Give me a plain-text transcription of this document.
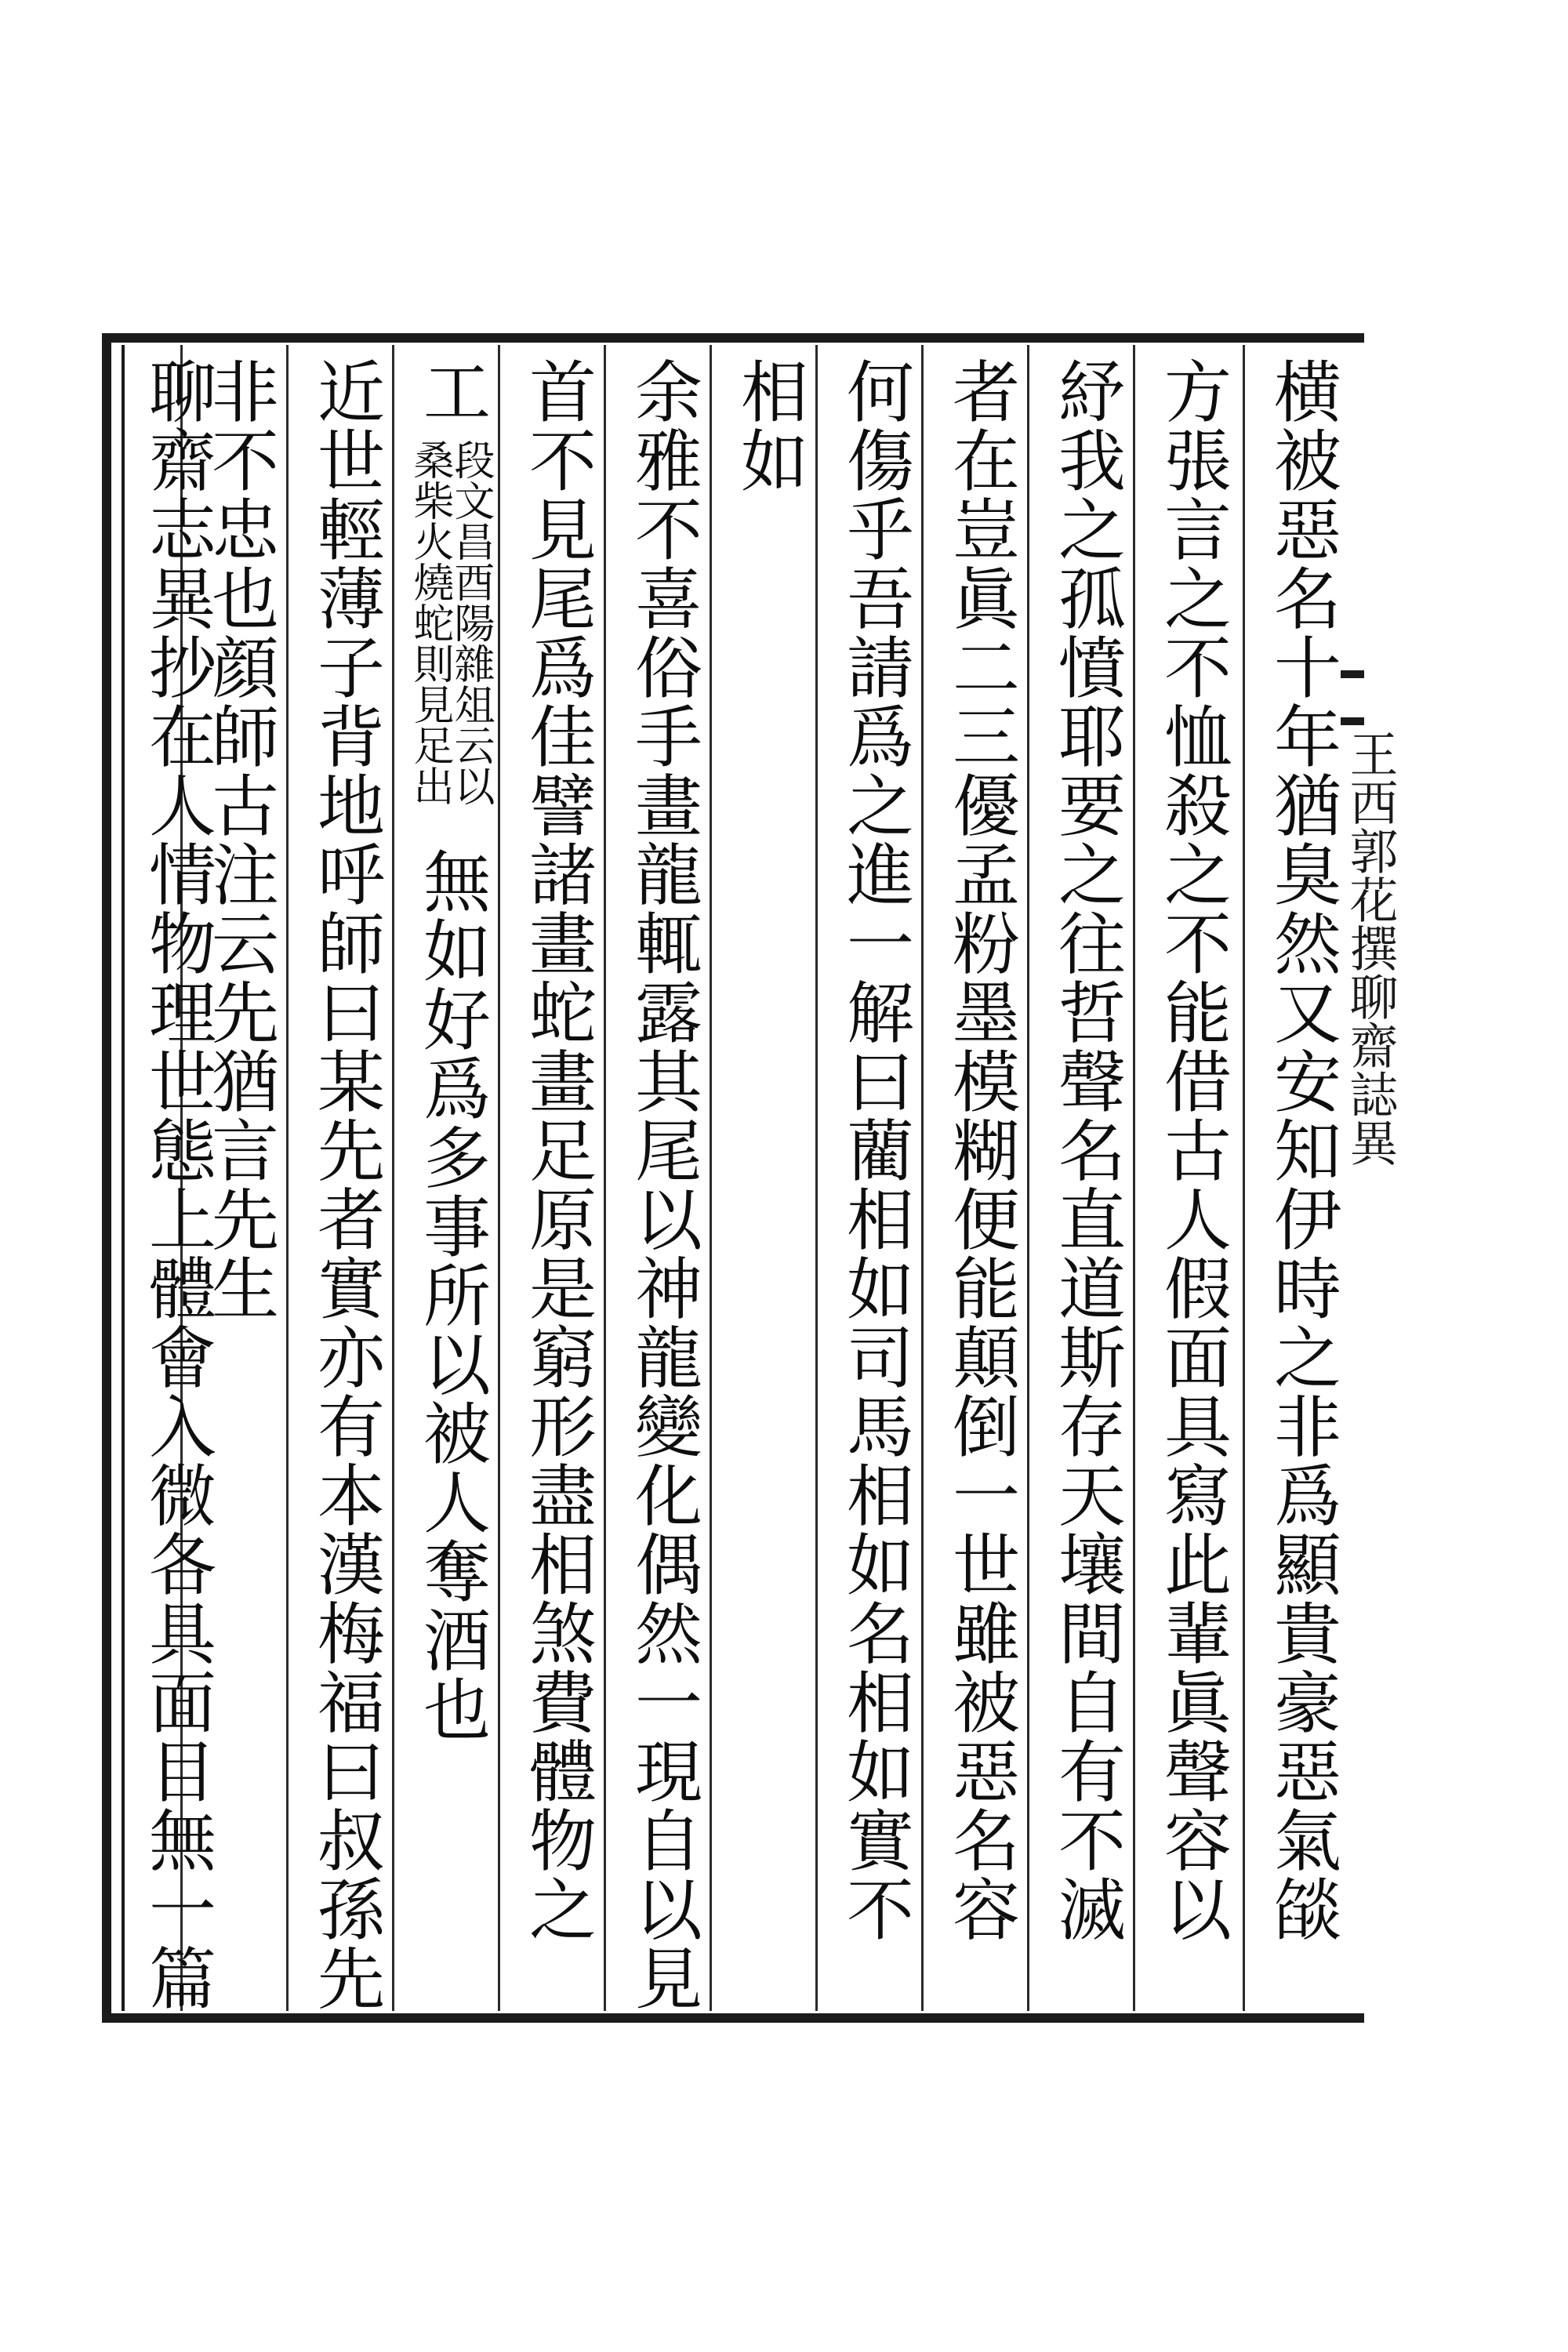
王西郭花撰聊齋誌異
横被惡名十年猶臭然又安知伊時之非爲顯貴豪惡氣燄
方張言之不恤殺之不能借古人假面具寫此輩眞聲容以
紓我之孤憤耶要之往哲聲名直道斯存天壤間自有不滅
者在豈眞二三優孟粉墨模糊便能顛倒一世雖被惡名容
何傷乎吾請爲之進一解曰藺相如司馬相如名相如實不
相如
余雅不喜俗手畫龍輒露其尾以神龍變化偶然一現自以見
首不見尾爲佳譬諸畫蛇畫足原是窮形盡相煞費體物之
工
段文昌酉陽雜俎云以
桑柴火燒蛇則見足出
無如好爲多事所以被人奪酒也
近世輕薄子背地呼師曰某先者實亦有本漢梅福曰叔孫先
非不忠也顔師古注云先猶言先生
聊齋志異抄在人情物理世態上體會入微各具面目無一篇
